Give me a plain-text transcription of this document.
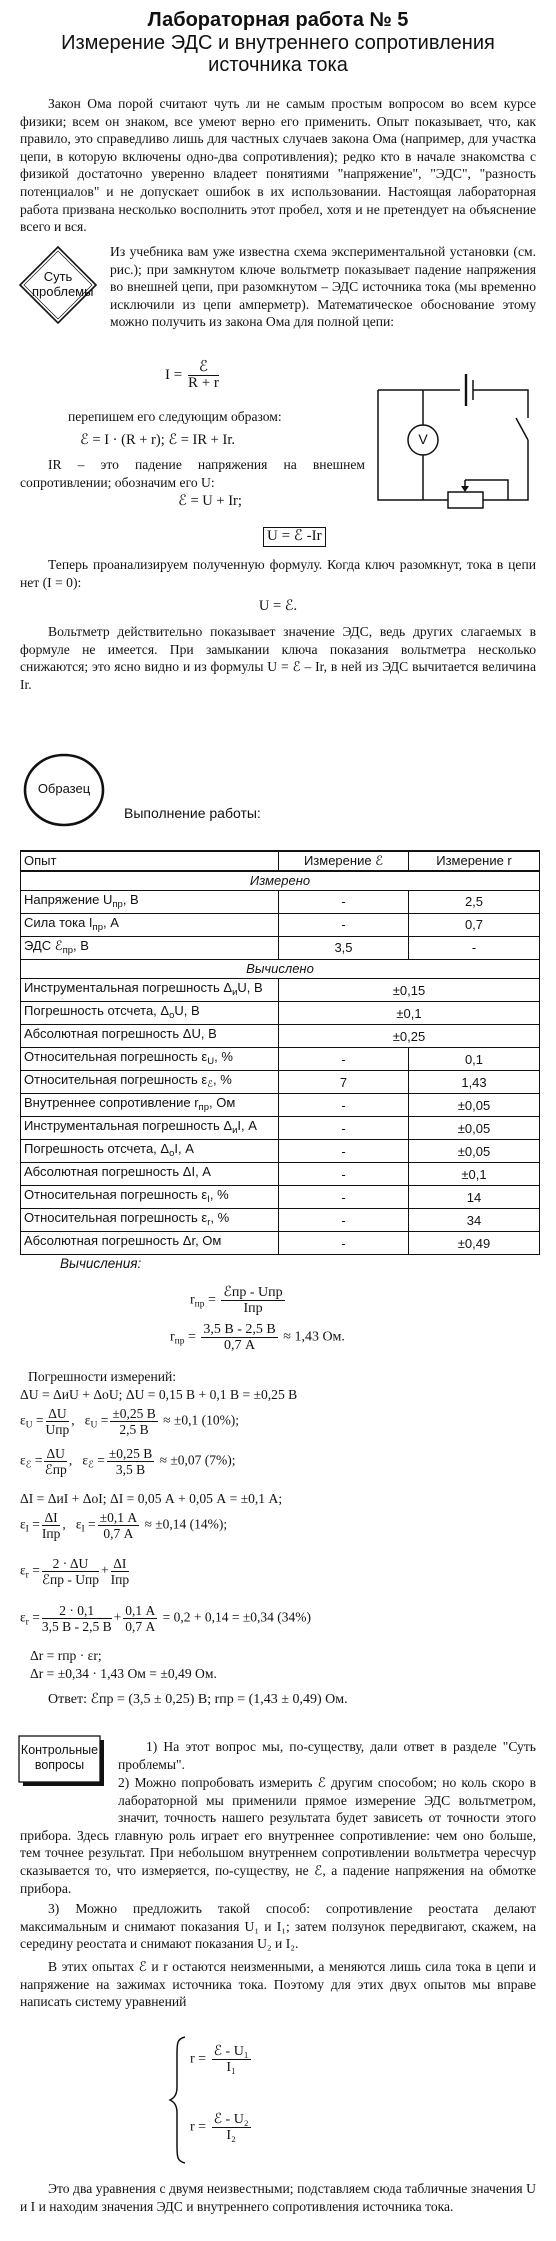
Лабораторная работа № 5
Измерение ЭДС и внутреннего сопротивления
источника тока
Закон Ома порой считают чуть ли не самым простым вопросом во всем курсе физики; всем он знаком, все умеют верно его применить. Опыт показывает, что, как правило, это справедливо лишь для частных случаев закона Ома (например, для участка цепи, в которую включены одно-два сопротивления); редко кто в начале знакомства с физикой достаточно уверенно владеет понятиями "напряжение", "ЭДС", "разность потенциалов" и не допускает ошибок в их использовании. Настоящая лабораторная работа призвана несколько восполнить этот пробел, хотя и не претендует на объяснение всего и вся.
Суть проблемы
Из учебника вам уже известна схема экспериментальной установки (см. рис.); при замкнутом ключе вольтметр показывает падение напряжения во внешней цепи, при разомкнутом – ЭДС источника тока (мы временно исключили из цепи амперметр). Математическое обоснование этому можно получить из закона Ома для полной цепи:
$I = \frac{\text{ℰ}}{R + r}$
V
перепишем его следующим образом:
ℰ = I · (R + r); ℰ = IR + Ir.
IR – это падение напряжения на внешнем сопротивлении; обозначим его U:
ℰ = U + Ir;
U = ℰ -Ir
Теперь проанализируем полученную формулу. Когда ключ разомкнут, тока в цепи нет (I = 0):
U = ℰ.
Вольтметр действительно показывает значение ЭДС, ведь других слагаемых в формуле не имеется. При замыкании ключа показания вольтметра несколько снижаются; это ясно видно и из формулы U = ℰ – Ir, в ней из ЭДС вычитается величина Ir.
Образец
Выполнение работы:
Опыт	Измерение ℰ	Измерение r
Измерено		
Напряжение $U_{пр}$, В	-	2,5
Сила тока $I_{пр}$, А	-	0,7
ЭДС ℰ$_{пр}$, В	3,5	-
Вычислено		
Инструментальная погрешность $\Delta_иU$, В	±0,15	
Погрешность отсчета, $\Delta_оU$, В	±0,1	
Абсолютная погрешность ΔU, В	±0,25	
Относительная погрешность $\varepsilon_U$, %	-	0,1
Относительная погрешность $\varepsilon_ℰ$, %	7	1,43
Внутреннее сопротивление $r_{пр}$, Ом	-	±0,05
Инструментальная погрешность $\Delta_иI$, А	-	±0,05
Погрешность отсчета, $\Delta_оI$, А	-	±0,05
Абсолютная погрешность ΔI, А	-	±0,1
Относительная погрешность $\varepsilon_I$, %	-	14
Относительная погрешность $\varepsilon_r$, %	-	34
Абсолютная погрешность Δr, Ом	-	±0,49
Вычисления:
$r_{пр} = \frac{\text{ℰпр - Uпр}}{\text{Iпр}}$
$r_{пр} = \frac{3,5 В - 2,5 В}{0,7 А} \approx 1,43$ Ом.
Погрешности измерений:
ΔU = ΔиU + ΔоU; ΔU = 0,15 В + 0,1 В = ±0,25 В
$\varepsilon_U = \frac{\Delta U}{\text{Uпр}}$ ,   $\varepsilon_U = \frac{\pm 0,25 В}{2,5 В} \approx \pm 0,1$ (10%);
$\varepsilon_ℰ = \frac{\Delta U}{\text{ℰпр}}$ ,   $\varepsilon_ℰ = \frac{\pm 0,25 В}{3,5 В} \approx \pm 0,07$ (7%);
ΔI = ΔиI + ΔоI; ΔI = 0,05 А + 0,05 А = ±0,1 А;
$\varepsilon_I = \frac{\Delta I}{\text{Iпр}}$ ,   $\varepsilon_I = \frac{\pm 0,1 А}{0,7 А} \approx \pm 0,14$ (14%);
$\varepsilon_r = \frac{2 \cdot \Delta U}{\text{ℰпр - Uпр}} + \frac{\Delta I}{\text{Iпр}}$
$\varepsilon_r = \frac{2 \cdot 0,1}{3,5 В - 2,5 В} + \frac{0,1 А}{0,7 А} = 0,2 + 0,14 = \pm 0,34$ (34%)
Δr = rпр · εr;
Δr = ±0,34 · 1,43 Ом = ±0,49 Ом.
Ответ: ℰпр = (3,5 ± 0,25) В; rпр = (1,43 ± 0,49) Ом.
Контрольные вопросы
1) На этот вопрос мы, по-существу, дали ответ в разделе "Суть проблемы".
2) Можно попробовать измерить ℰ другим способом; но коль скоро в лабораторной мы применили прямое измерение ЭДС вольтметром, значит, точность нашего результата будет зависеть от точности этого прибора. Здесь главную роль играет его внутреннее сопротивление: чем оно больше, тем точнее результат. При небольшом внутреннем сопротивлении вольтметра чересчур сказывается то, что измеряется, по-существу, не ℰ, а падение напряжения на обмотке прибора.
3) Можно предложить такой способ: сопротивление реостата делают максимальным и снимают показания U₁ и I₁; затем ползунок передвигают, скажем, на середину реостата и снимают показания U₂ и I₂.
В этих опытах ℰ и r остаются неизменными, а меняются лишь сила тока в цепи и напряжение на зажимах источника тока. Поэтому для этих двух опытов мы вправе написать систему уравнений
$r = \frac{\text{ℰ - U₁}}{\text{I₁}}$
$r = \frac{\text{ℰ - U₂}}{\text{I₂}}$
Это два уравнения с двумя неизвестными; подставляем сюда табличные значения U и I и находим значения ЭДС и внутреннего сопротивления источника тока.
